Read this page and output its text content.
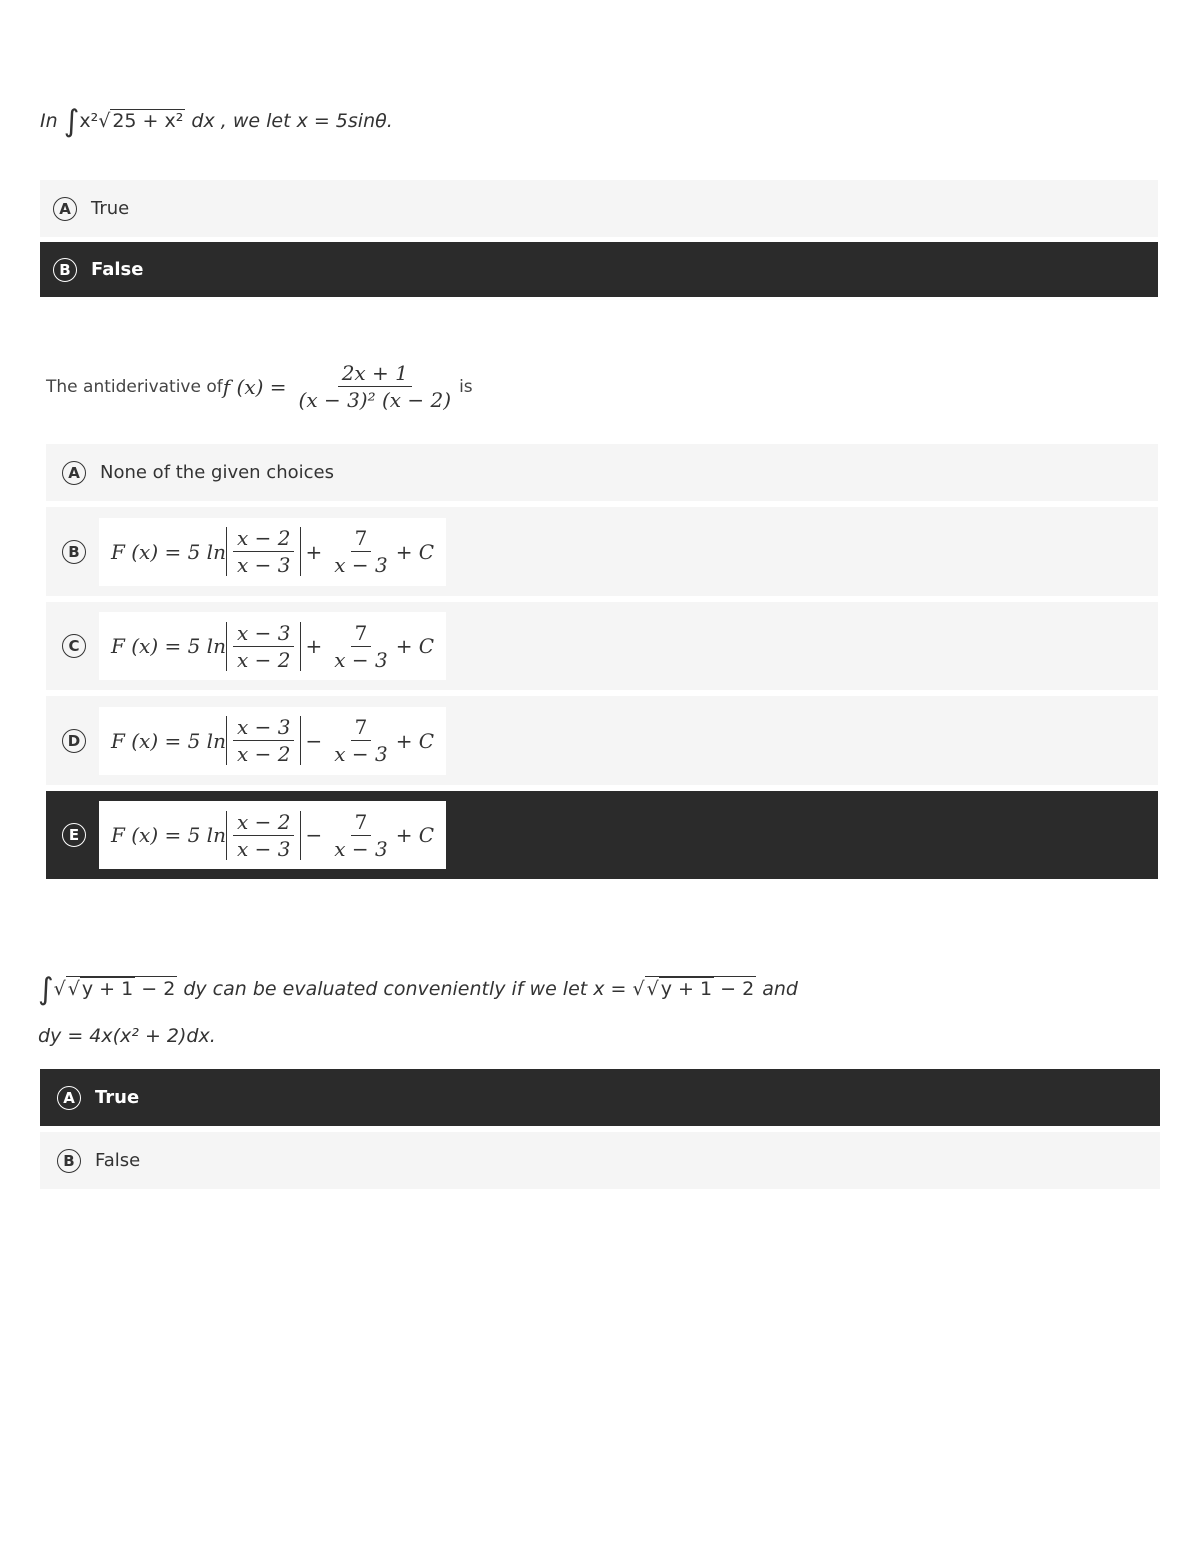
In ∫x²√ 25 + x² dx , we let x = 5sinθ.
A	True
B	False
The antiderivative of f $(x) = \frac{2x + 1}{\text{(x − 3)² (x − 2)}}$ is
A	None of the given choices
B	F (x) = 5 $\ln \frac{x - 2}{x - 3} + \frac{7}{x - 3} + C$
C	F (x) = 5 $\ln \frac{x - 3}{x - 2} + \frac{7}{x - 3} + C$
D F (x) = 5 $\ln \frac{x - 3}{x - 2} - \frac{7}{x - 3} + C$
E	F (x) = 5 $\ln \frac{x - 2}{x - 3} - \frac{7}{x - 3} + C$
∫√ √ y + 1 − 2 dy can be evaluated conveniently if we let x = √ √ y + 1 − 2 and
dy = 4x(x² + 2)dx.
A	True
B	False
